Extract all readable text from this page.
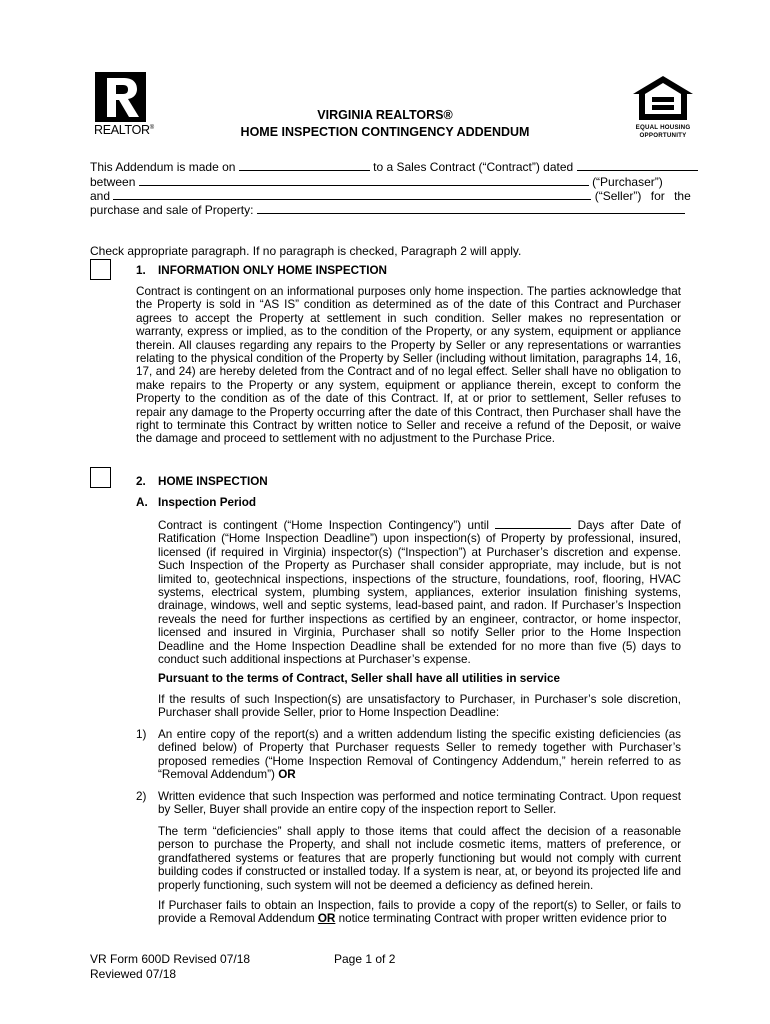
REALTOR®
VIRGINIA REALTORS®
HOME INSPECTION CONTINGENCY ADDENDUM	EQUAL HOUSING
OPPORTUNITY
This Addendum is made on	to a Sales Contract (“Contract”) dated
between	(“Purchaser”)
and	(“Seller”) for the
purchase and sale of Property:
Check appropriate paragraph. If no paragraph is checked, Paragraph 2 will apply.
1. INFORMATION ONLY HOME INSPECTION
Contract is contingent on an informational purposes only home inspection. The parties acknowledge that the Property is sold in “AS IS” condition as determined as of the date of this Contract and Purchaser agrees to accept the Property at settlement in such condition. Seller makes no representation or warranty, express or implied, as to the condition of the Property, or any system, equipment or appliance therein. All clauses regarding any repairs to the Property by Seller or any representations or warranties relating to the physical condition of the Property by Seller (including without limitation, paragraphs 14, 16, 17, and 24) are hereby deleted from the Contract and of no legal effect. Seller shall have no obligation to make repairs to the Property or any system, equipment or appliance therein, except to conform the Property to the condition as of the date of this Contract. If, at or prior to settlement, Seller refuses to repair any damage to the Property occurring after the date of this Contract, then Purchaser shall have the right to terminate this Contract by written notice to Seller and receive a refund of the Deposit, or waive the damage and proceed to settlement with no adjustment to the Purchase Price.
2. HOME INSPECTION
A. Inspection Period
Contract is contingent (“Home Inspection Contingency”) until	Days after Date of Ratification (“Home Inspection Deadline”) upon inspection(s) of Property by professional, insured, licensed (if required in Virginia) inspector(s) (“Inspection”) at Purchaser’s discretion and expense. Such Inspection of the Property as Purchaser shall consider appropriate, may include, but is not limited to, geotechnical inspections, inspections of the structure, foundations, roof, flooring, HVAC systems, electrical system, plumbing system, appliances, exterior insulation finishing systems, drainage, windows, well and septic systems, lead-based paint, and radon. If Purchaser’s Inspection reveals the need for further inspections as certified by an engineer, contractor, or home inspector, licensed and insured in Virginia, Purchaser shall so notify Seller prior to the Home Inspection Deadline and the Home Inspection Deadline shall be extended for no more than five (5) days to conduct such additional inspections at Purchaser’s expense.
Pursuant to the terms of Contract, Seller shall have all utilities in service
If the results of such Inspection(s) are unsatisfactory to Purchaser, in Purchaser’s sole discretion, Purchaser shall provide Seller, prior to Home Inspection Deadline:
1) An entire copy of the report(s) and a written addendum listing the specific existing deficiencies (as defined below) of Property that Purchaser requests Seller to remedy together with Purchaser’s proposed remedies (“Home Inspection Removal of Contingency Addendum,” herein referred to as “Removal Addendum”) OR
2) Written evidence that such Inspection was performed and notice terminating Contract. Upon request by Seller, Buyer shall provide an entire copy of the inspection report to Seller.
The term “deficiencies” shall apply to those items that could affect the decision of a reasonable person to purchase the Property, and shall not include cosmetic items, matters of preference, or grandfathered systems or features that are properly functioning but would not comply with current building codes if constructed or installed today. If a system is near, at, or beyond its projected life and properly functioning, such system will not be deemed a deficiency as defined herein.
If Purchaser fails to obtain an Inspection, fails to provide a copy of the report(s) to Seller, or fails to provide a Removal Addendum OR notice terminating Contract with proper written evidence prior to
VR Form 600D Revised 07/18
Reviewed 07/18
Page 1 of 2
